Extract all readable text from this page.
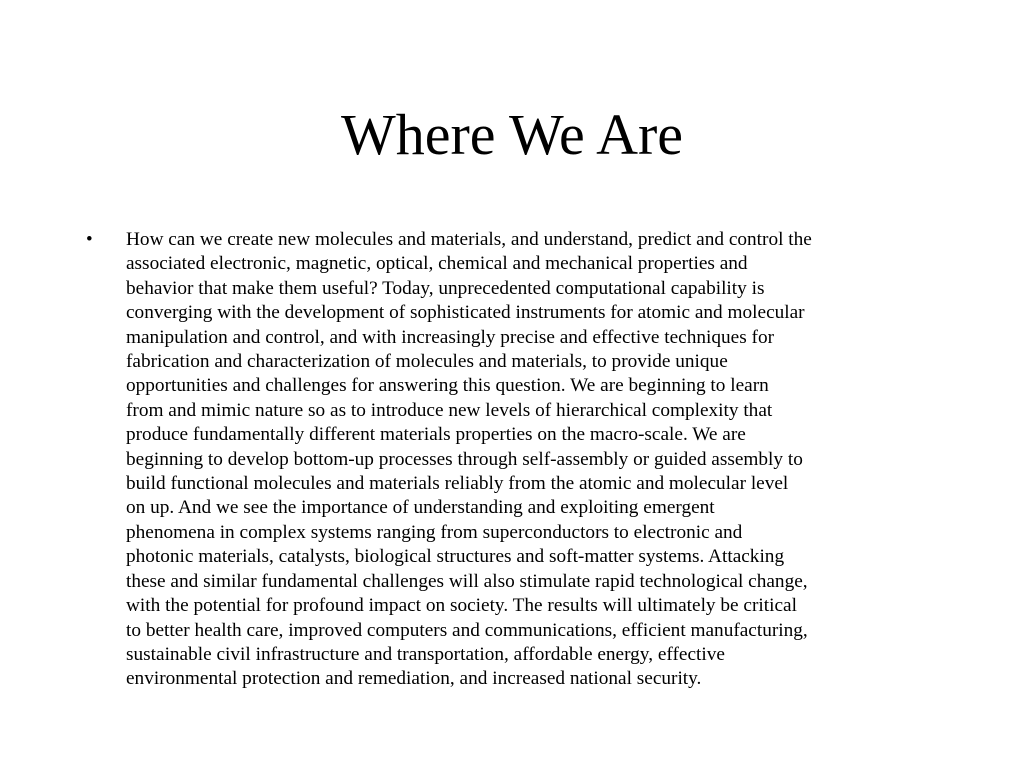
Where We Are
•	How can we create new molecules and materials, and understand, predict and control the
associated electronic, magnetic, optical, chemical and mechanical properties and
behavior that make them useful? Today, unprecedented computational capability is
converging with the development of sophisticated instruments for atomic and molecular
manipulation and control, and with increasingly precise and effective techniques for
fabrication and characterization of molecules and materials, to provide unique
opportunities and challenges for answering this question. We are beginning to learn
from and mimic nature so as to introduce new levels of hierarchical complexity that
produce fundamentally different materials properties on the macro-scale. We are
beginning to develop bottom-up processes through self-assembly or guided assembly to
build functional molecules and materials reliably from the atomic and molecular level
on up. And we see the importance of understanding and exploiting emergent
phenomena in complex systems ranging from superconductors to electronic and
photonic materials, catalysts, biological structures and soft-matter systems. Attacking
these and similar fundamental challenges will also stimulate rapid technological change,
with the potential for profound impact on society. The results will ultimately be critical
to better health care, improved computers and communications, efficient manufacturing,
sustainable civil infrastructure and transportation, affordable energy, effective
environmental protection and remediation, and increased national security.
